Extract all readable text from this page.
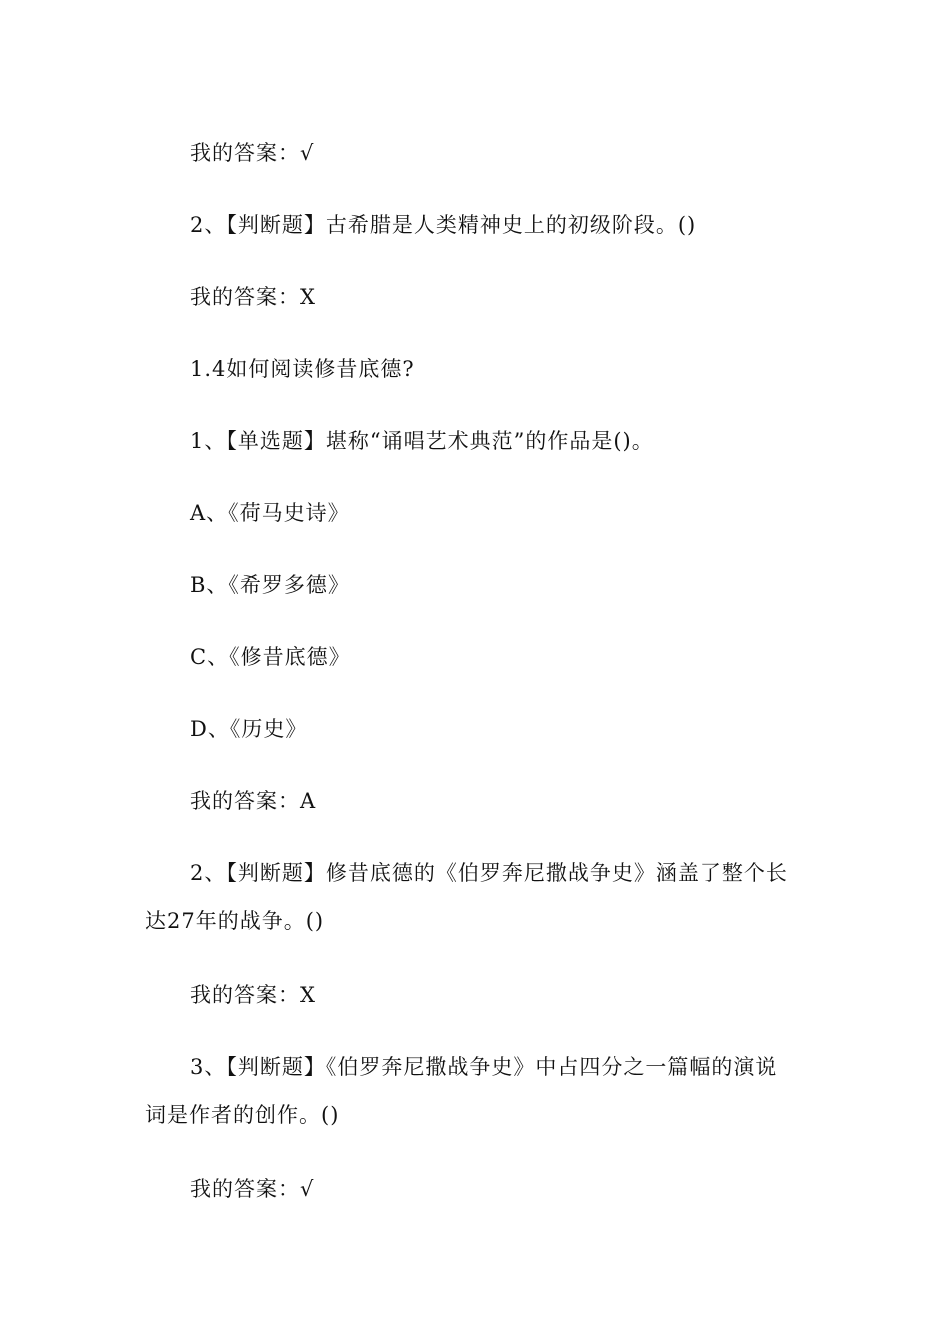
我的答案：√

2、【判断题】古希腊是人类精神史上的初级阶段。()

我的答案：X

1.4如何阅读修昔底德?

1、【单选题】堪称“诵唱艺术典范”的作品是()。

A、《荷马史诗》

B、《希罗多德》

C、《修昔底德》

D、《历史》

我的答案：A

2、【判断题】修昔底德的《伯罗奔尼撒战争史》涵盖了整个长

达27年的战争。()

我的答案：X

3、【判断题】《伯罗奔尼撒战争史》中占四分之一篇幅的演说

词是作者的创作。()

我的答案：√
